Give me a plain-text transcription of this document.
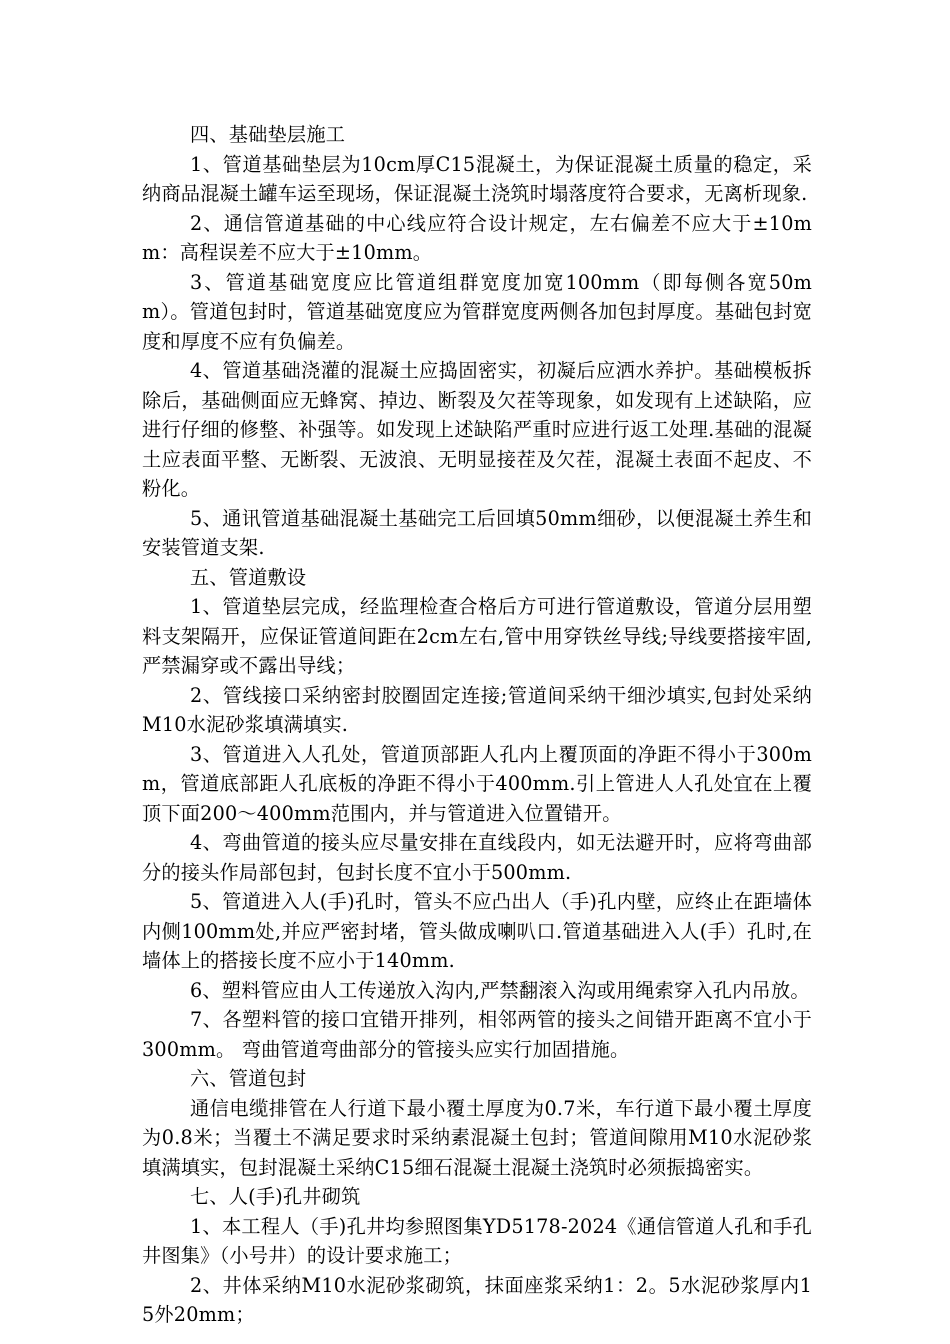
四、基础垫层施工

1、管道基础垫层为10cm厚C15混凝土，为保证混凝土质量的稳定，采纳商品混凝土罐车运至现场，保证混凝土浇筑时塌落度符合要求，无离析现象.

2、通信管道基础的中心线应符合设计规定，左右偏差不应大于±10mm：高程误差不应大于±10mm。

3、管道基础宽度应比管道组群宽度加宽100mm（即每侧各宽50mm）。管道包封时，管道基础宽度应为管群宽度两侧各加包封厚度。基础包封宽度和厚度不应有负偏差。

4、管道基础浇灌的混凝土应捣固密实，初凝后应洒水养护。基础模板拆除后，基础侧面应无蜂窝、掉边、断裂及欠茬等现象，如发现有上述缺陷，应进行仔细的修整、补强等。如发现上述缺陷严重时应进行返工处理.基础的混凝土应表面平整、无断裂、无波浪、无明显接茬及欠茬，混凝土表面不起皮、不粉化。

5、通讯管道基础混凝土基础完工后回填50mm细砂，以便混凝土养生和安装管道支架.

五、管道敷设

1、管道垫层完成，经监理检查合格后方可进行管道敷设，管道分层用塑料支架隔开，应保证管道间距在2cm左右,管中用穿铁丝导线;导线要搭接牢固,严禁漏穿或不露出导线；

2、管线接口采纳密封胶圈固定连接;管道间采纳干细沙填实,包封处采纳M10水泥砂浆填满填实.

3、管道进入人孔处，管道顶部距人孔内上覆顶面的净距不得小于300mm，管道底部距人孔底板的净距不得小于400mm.引上管进人人孔处宜在上覆顶下面200～400mm范围内，并与管道进入位置错开。

4、弯曲管道的接头应尽量安排在直线段内，如无法避开时，应将弯曲部分的接头作局部包封，包封长度不宜小于500mm.

5、管道进入人(手)孔时，管头不应凸出人（手)孔内壁，应终止在距墙体内侧100mm处,并应严密封堵，管头做成喇叭口.管道基础进入人(手）孔时,在墙体上的搭接长度不应小于140mm.

6、塑料管应由人工传递放入沟内,严禁翻滚入沟或用绳索穿入孔内吊放。

7、各塑料管的接口宜错开排列，相邻两管的接头之间错开距离不宜小于300mm。 弯曲管道弯曲部分的管接头应实行加固措施。

六、管道包封

通信电缆排管在人行道下最小覆土厚度为0.7米，车行道下最小覆土厚度为0.8米；当覆土不满足要求时采纳素混凝土包封；管道间隙用M10水泥砂浆填满填实，包封混凝土采纳C15细石混凝土混凝土浇筑时必须振捣密实。

七、人(手)孔井砌筑

1、本工程人（手)孔井均参照图集YD5178-2024《通信管道人孔和手孔井图集》（小号井）的设计要求施工；

2、井体采纳M10水泥砂浆砌筑，抹面座浆采纳1：2。5水泥砂浆厚内15外20mm；
